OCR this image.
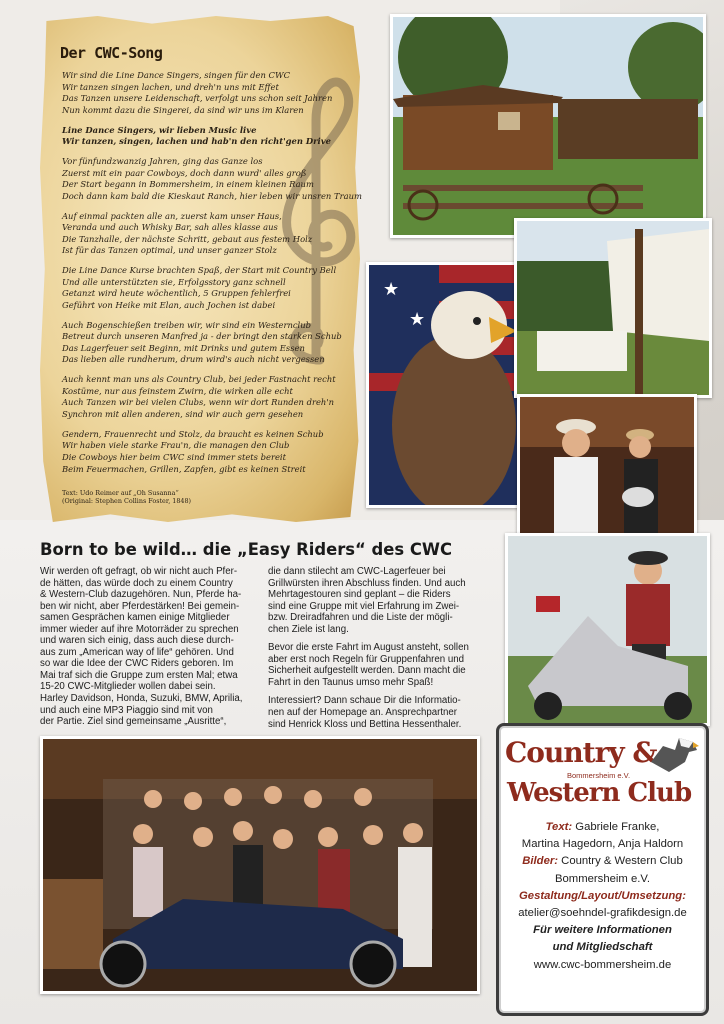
Der CWC-Song

Wir sind die Line Dance Singers, singen für den CWC
Wir tanzen singen lachen, und dreh'n uns mit Effet
Das Tanzen unsere Leidenschaft, verfolgt uns schon seit Jahren
Nun kommt dazu die Singerei, da sind wir uns im Klaren

Line Dance Singers, wir lieben Music live
Wir tanzen, singen, lachen und hab'n den richt'gen Drive

Vor fünfundzwanzig Jahren, ging das Ganze los
Zuerst mit ein paar Cowboys, doch dann wurd' alles groß
Der Start begann in Bommersheim, in einem kleinen Raum
Doch dann kam bald die Kieskaut Ranch, hier leben wir unsren Traum

Auf einmal packten alle an, zuerst kam unser Haus,
Veranda und auch Whisky Bar, sah alles klasse aus
Die Tanzhalle, der nächste Schritt, gebaut aus festem Holz
Ist für das Tanzen optimal, und unser ganzer Stolz

Die Line Dance Kurse brachten Spaß, der Start mit Country Bell
Und alle unterstützten sie, Erfolgsstory ganz schnell
Getanzt wird heute wöchentlich, 5 Gruppen fehlerfrei
Geführt von Heike mit Elan, auch Jochen ist dabei

Auch Bogenschießen treiben wir, wir sind ein Westernclub
Betreut durch unseren Manfred ja - der bringt den starken Schub
Das Lagerfeuer seit Beginn, mit Drinks und gutem Essen
Das lieben alle rundherum, drum wird's auch nicht vergessen

Auch kennt man uns als Country Club, bei jeder Fastnacht recht
Kostüme, nur aus feinstem Zwirn, die wirken alle echt
Auch Tanzen wir bei vielen Clubs, wenn wir dort Runden dreh'n
Synchron mit allen anderen, sind wir auch gern gesehen

Gendern, Frauenrecht und Stolz, da braucht es keinen Schub
Wir haben viele starke Frau'n, die managen den Club
Die Cowboys hier beim CWC sind immer stets bereit
Beim Feuermachen, Grillen, Zapfen, gibt es keinen Streit

Text: Udo Reimer auf „Oh Susanna“
(Original: Stephen Collins Foster, 1848)
★
★
Born to be wild… die „Easy Riders“ des CWC

Wir werden oft gefragt, ob wir nicht auch Pfer-
de hätten, das würde doch zu einem Country
& Western-Club dazugehören. Nun, Pferde ha-
ben wir nicht, aber Pferdestärken! Bei gemein-
samen Gesprächen kamen einige Mitglieder
immer wieder auf ihre Motorräder zu sprechen
und waren sich einig, dass auch diese durch-
aus zum „American way of life“ gehören. Und
so war die Idee der CWC Riders geboren. Im
Mai traf sich die Gruppe zum ersten Mal; etwa
15-20 CWC-Mitglieder wollen dabei sein.
Harley Davidson, Honda, Suzuki, BMW, Aprilia,
und auch eine MP3 Piaggio sind mit von
der Partie. Ziel sind gemeinsame „Ausritte“,

die dann stilecht am CWC-Lagerfeuer bei
Grillwürsten ihren Abschluss finden. Und auch
Mehrtagestouren sind geplant – die Riders
sind eine Gruppe mit viel Erfahrung im Zwei-
bzw. Dreiradfahren und die Liste der mögli-
chen Ziele ist lang.

Bevor die erste Fahrt im August ansteht, sollen
aber erst noch Regeln für Gruppenfahren und
Sicherheit aufgestellt werden. Dann macht die
Fahrt in den Taunus umso mehr Spaß!

Interessiert? Dann schaue Dir die Informatio-
nen auf der Homepage an. Ansprechpartner
sind Henrick Kloss und Bettina Hessenthaler.

Country &
Bommersheim e.V.
Western Club
Text: Gabriele Franke,
Martina Hagedorn, Anja Haldorn
Bilder: Country & Western Club
Bommersheim e.V.
Gestaltung/Layout/Umsetzung:
atelier@soehndel-grafikdesign.de
Für weitere Informationen
und Mitgliedschaft
www.cwc-bommersheim.de
